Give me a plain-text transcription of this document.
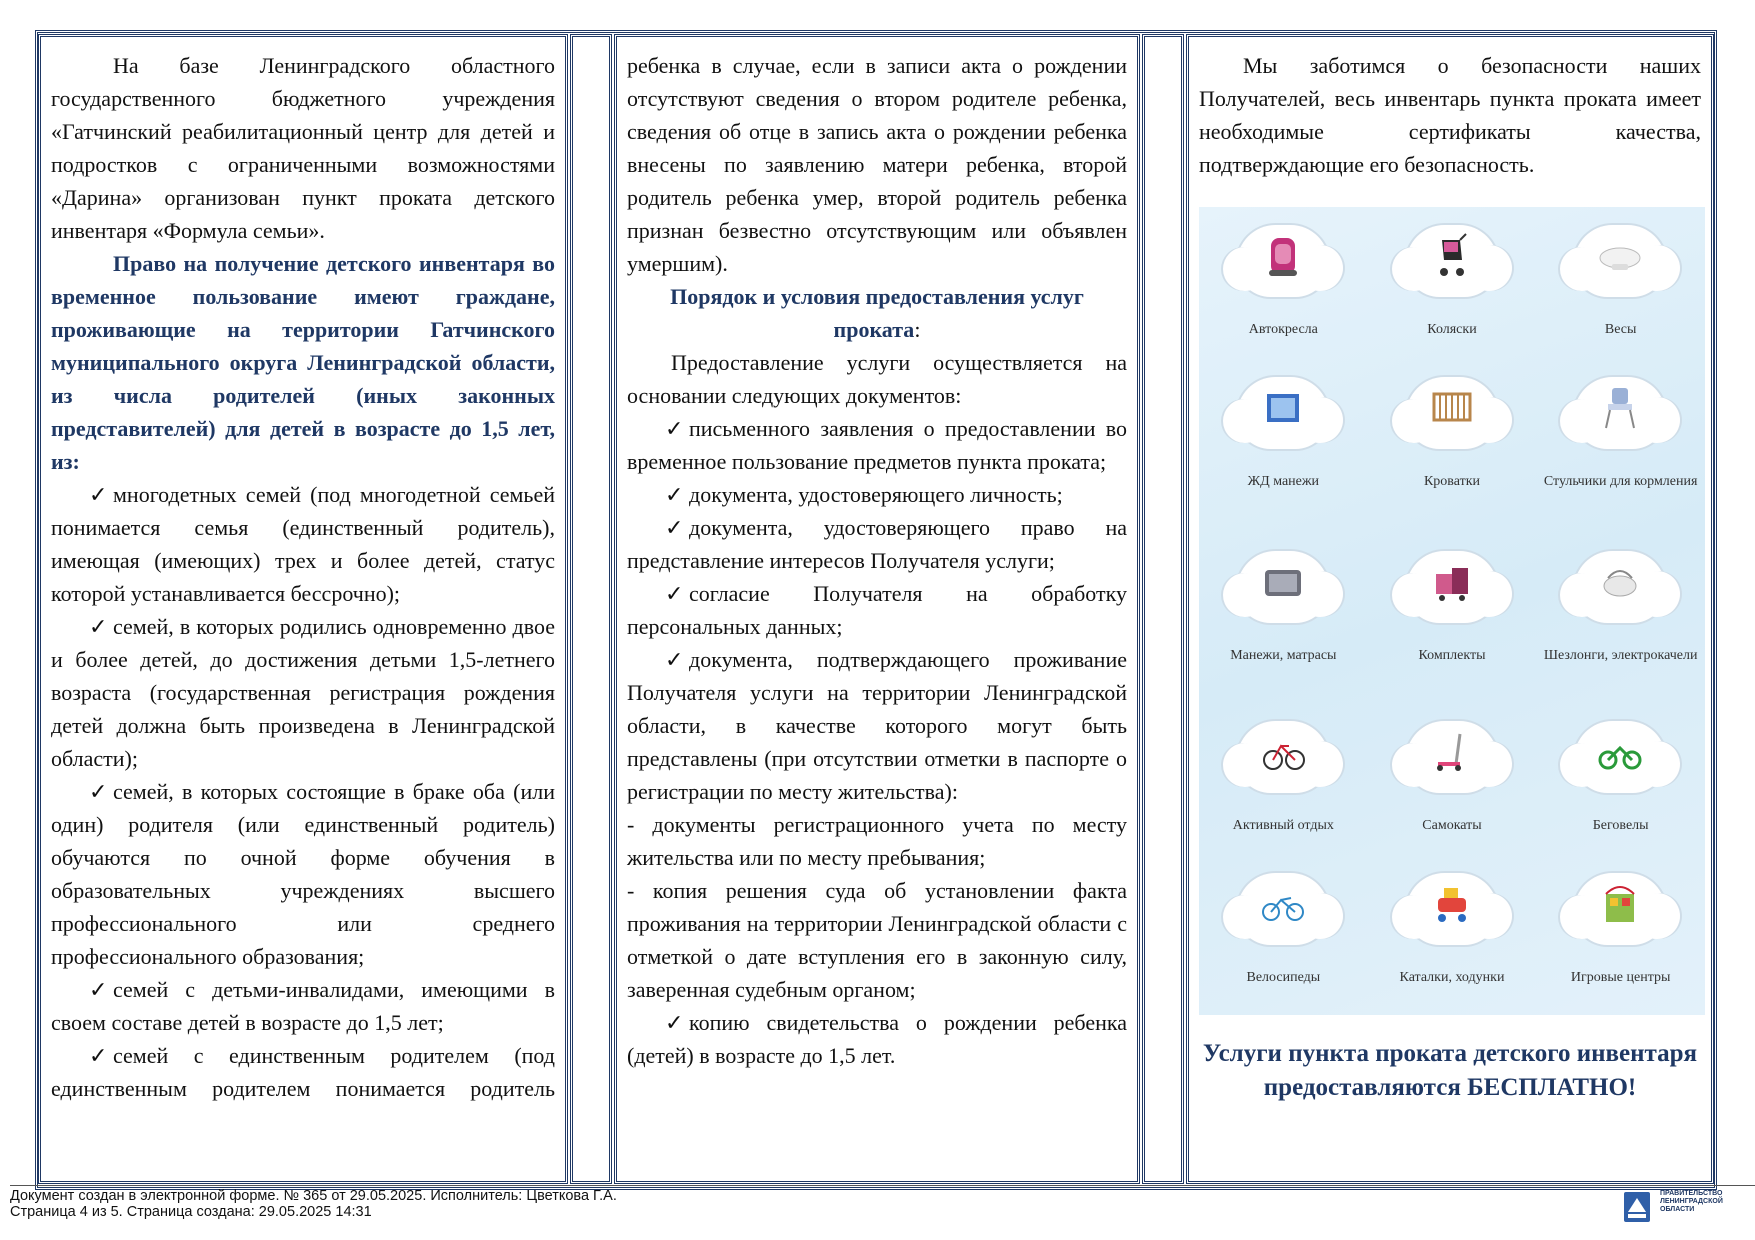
На базе Ленинградского областного государственного бюджетного учреждения «Гатчинский реабилитационный центр для детей и подростков с ограниченными возможностями «Дарина» организован пункт проката детского инвентаря «Формула семьи».

Право на получение детского инвентаря во временное пользование имеют граждане, проживающие на территории Гатчинского муниципального округа Ленинградской области, из числа родителей (иных законных представителей) для детей в возрасте до 1,5 лет, из:

✓ многодетных семей (под многодетной семьей понимается семья (единственный родитель), имеющая (имеющих) трех и более детей, статус которой устанавливается бессрочно);

✓ семей, в которых родились одновременно двое и более детей, до достижения детьми 1,5-летнего возраста (государственная регистрация рождения детей должна быть произведена в Ленинградской области);

✓ семей, в которых состоящие в браке оба (или один) родителя (или единственный родитель) обучаются по очной форме обучения в образовательных учреждениях высшего профессионального или среднего профессионального образования;

✓ семей с детьми-инвалидами, имеющими в своем составе детей в возрасте до 1,5 лет;

✓ семей с единственным родителем (под единственным родителем понимается родитель

ребенка в случае, если в записи акта о рождении отсутствуют сведения о втором родителе ребенка, сведения об отце в запись акта о рождении ребенка внесены по заявлению матери ребенка, второй родитель ребенка умер, второй родитель ребенка признан безвестно отсутствующим или объявлен умершим).

Порядок и условия предоставления услуг проката:

Предоставление услуги осуществляется на основании следующих документов:

✓ письменного заявления о предоставлении во временное пользование предметов пункта проката;

✓ документа, удостоверяющего личность;

✓ документа, удостоверяющего право на представление интересов Получателя услуги;

✓ согласие Получателя на обработку персональных данных;

✓ документа, подтверждающего проживание Получателя услуги на территории Ленинградской области, в качестве которого могут быть представлены (при отсутствии отметки в паспорте о регистрации по месту жительства):

- документы регистрационного учета по месту жительства или по месту пребывания;

- копия решения суда об установлении факта проживания на территории Ленинградской области с отметкой о дате вступления его в законную силу, заверенная судебным органом;

✓ копию свидетельства о рождении ребенка (детей) в возрасте до 1,5 лет.

Мы заботимся о безопасности наших Получателей, весь инвентарь пункта проката имеет необходимые сертификаты качества, подтверждающие его безопасность.

Автокресла	Коляски	Весы
ЖД манежи	Кроватки	Стульчики для кормления
Манежи, матрасы	Комплекты	Шезлонги, электрокачели
Активный отдых	Самокаты	Беговелы
Велосипеды	Каталки, ходунки	Игровые центры
Услуги пункта проката детского инвентаря предоставляются БЕСПЛАТНО!
Документ создан в электронной форме. № 365 от 29.05.2025. Исполнитель: Цветкова Г.А.
Страница 4 из 5. Страница создана: 29.05.2025 14:31
ПРАВИТЕЛЬСТВО ЛЕНИНГРАДСКОЙ ОБЛАСТИ
